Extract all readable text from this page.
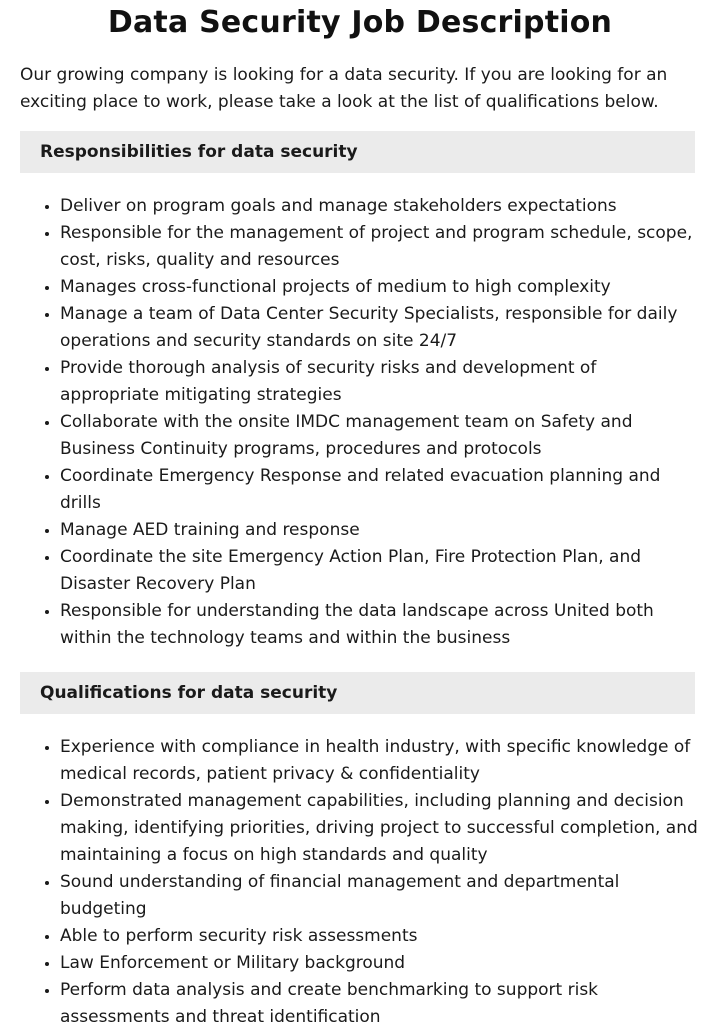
Data Security Job Description

Our growing company is looking for a data security. If you are looking for an exciting place to work, please take a look at the list of qualifications below.

Responsibilities for data security
• Deliver on program goals and manage stakeholders expectations
• Responsible for the management of project and program schedule, scope, cost, risks, quality and resources
• Manages cross-functional projects of medium to high complexity
• Manage a team of Data Center Security Specialists, responsible for daily operations and security standards on site 24/7
• Provide thorough analysis of security risks and development of appropriate mitigating strategies
• Collaborate with the onsite IMDC management team on Safety and Business Continuity programs, procedures and protocols
• Coordinate Emergency Response and related evacuation planning and drills
• Manage AED training and response
• Coordinate the site Emergency Action Plan, Fire Protection Plan, and Disaster Recovery Plan
• Responsible for understanding the data landscape across United both within the technology teams and within the business
Qualifications for data security
• Experience with compliance in health industry, with specific knowledge of medical records, patient privacy & confidentiality
• Demonstrated management capabilities, including planning and decision making, identifying priorities, driving project to successful completion, and maintaining a focus on high standards and quality
• Sound understanding of financial management and departmental budgeting
• Able to perform security risk assessments
• Law Enforcement or Military background
• Perform data analysis and create benchmarking to support risk assessments and threat identification
